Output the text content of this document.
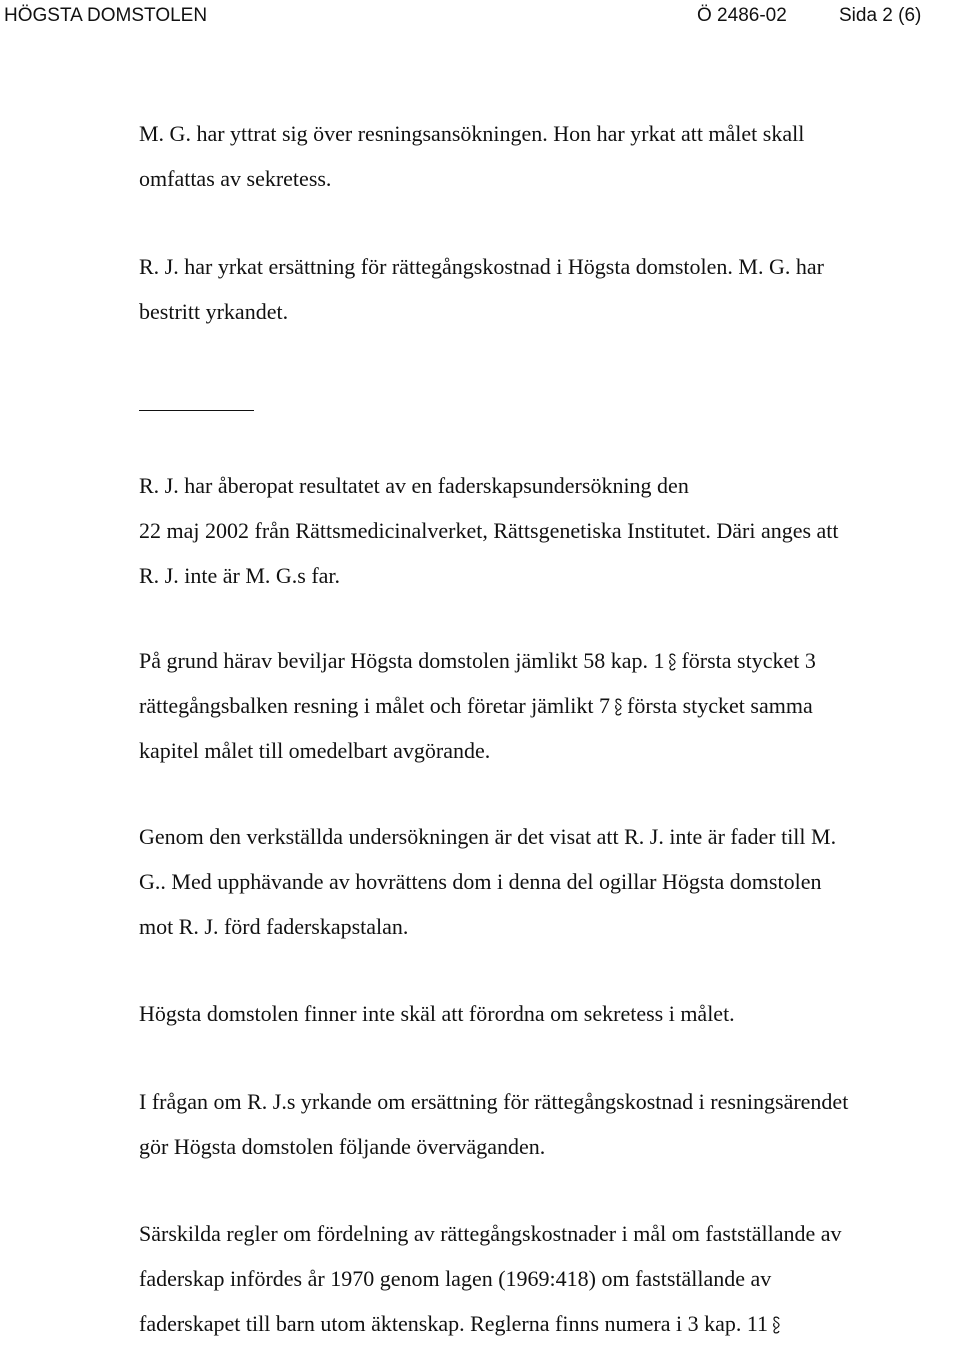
HÖGSTA DOMSTOLEN	Ö 2486-02	Sida 2 (6)
M. G. har yttrat sig över resningsansökningen. Hon har yrkat att målet skall
omfattas av sekretess.
R. J. har yrkat ersättning för rättegångskostnad i Högsta domstolen. M. G. har
bestritt yrkandet.
R. J. har åberopat resultatet av en faderskapsundersökning den
22 maj 2002 från Rättsmedicinalverket, Rättsgenetiska Institutet. Däri anges att
R. J. inte är M. G.s far.
På grund härav beviljar Högsta domstolen jämlikt 58 kap. 1 första stycket 3
rättegångsbalken resning i målet och företar jämlikt 7 första stycket samma
kapitel målet till omedelbart avgörande.
Genom den verkställda undersökningen är det visat att R. J. inte är fader till M.
G.. Med upphävande av hovrättens dom i denna del ogillar Högsta domstolen
mot R. J. förd faderskapstalan.
Högsta domstolen finner inte skäl att förordna om sekretess i målet.
I frågan om R. J.s yrkande om ersättning för rättegångskostnad i resningsärendet
gör Högsta domstolen följande överväganden.
Särskilda regler om fördelning av rättegångskostnader i mål om fastställande av
faderskap infördes år 1970 genom lagen (1969:418) om fastställande av
faderskapet till barn utom äktenskap. Reglerna finns numera i 3 kap. 11
